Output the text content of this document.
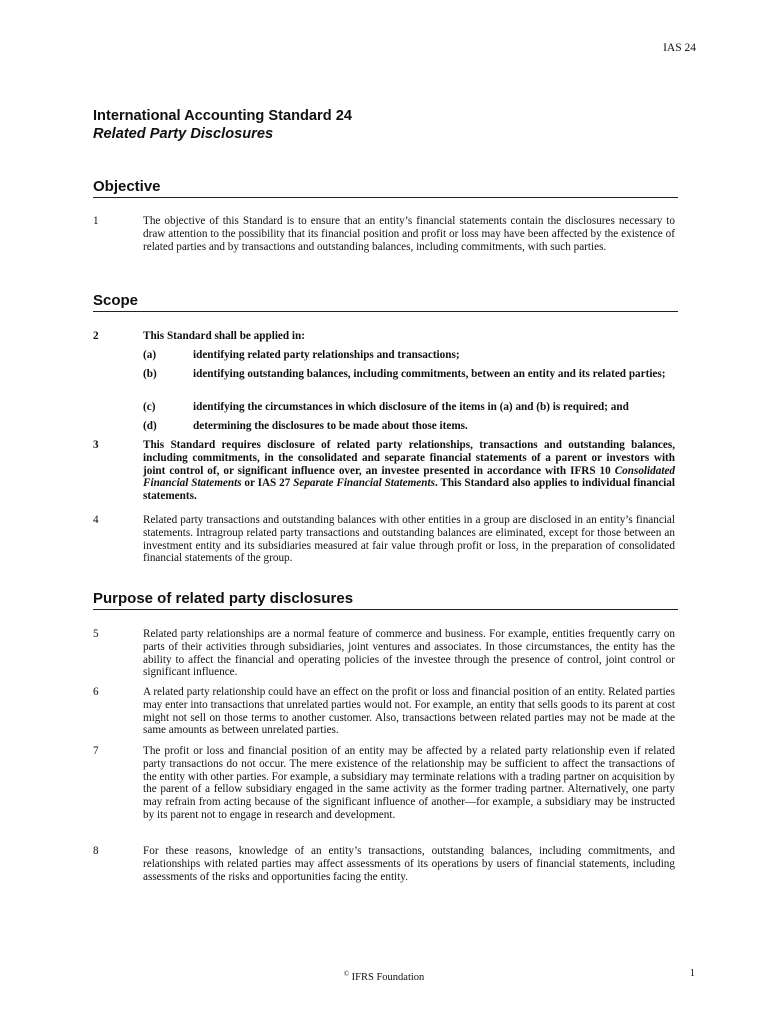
IAS 24
International Accounting Standard 24
Related Party Disclosures
Objective
1	The objective of this Standard is to ensure that an entity’s financial statements contain the disclosures necessary to draw attention to the possibility that its financial position and profit or loss may have been affected by the existence of related parties and by transactions and outstanding balances, including commitments, with such parties.
Scope
2	This Standard shall be applied in:
(a)	identifying related party relationships and transactions;
(b)	identifying outstanding balances, including commitments, between an entity and its related parties;
(c)	identifying the circumstances in which disclosure of the items in (a) and (b) is required; and
(d)	determining the disclosures to be made about those items.
3	This Standard requires disclosure of related party relationships, transactions and outstanding balances, including commitments, in the consolidated and separate financial statements of a parent or investors with joint control of, or significant influence over, an investee presented in accordance with IFRS 10 Consolidated Financial Statements or IAS 27 Separate Financial Statements. This Standard also applies to individual financial statements.
4	Related party transactions and outstanding balances with other entities in a group are disclosed in an entity’s financial statements. Intragroup related party transactions and outstanding balances are eliminated, except for those between an investment entity and its subsidiaries measured at fair value through profit or loss, in the preparation of consolidated financial statements of the group.
Purpose of related party disclosures
5	Related party relationships are a normal feature of commerce and business. For example, entities frequently carry on parts of their activities through subsidiaries, joint ventures and associates. In those circumstances, the entity has the ability to affect the financial and operating policies of the investee through the presence of control, joint control or significant influence.
6	A related party relationship could have an effect on the profit or loss and financial position of an entity. Related parties may enter into transactions that unrelated parties would not. For example, an entity that sells goods to its parent at cost might not sell on those terms to another customer. Also, transactions between related parties may not be made at the same amounts as between unrelated parties.
7	The profit or loss and financial position of an entity may be affected by a related party relationship even if related party transactions do not occur. The mere existence of the relationship may be sufficient to affect the transactions of the entity with other parties. For example, a subsidiary may terminate relations with a trading partner on acquisition by the parent of a fellow subsidiary engaged in the same activity as the former trading partner. Alternatively, one party may refrain from acting because of the significant influence of another—for example, a subsidiary may be instructed by its parent not to engage in research and development.
8	For these reasons, knowledge of an entity’s transactions, outstanding balances, including commitments, and relationships with related parties may affect assessments of its operations by users of financial statements, including assessments of the risks and opportunities facing the entity.
© IFRS Foundation	1
